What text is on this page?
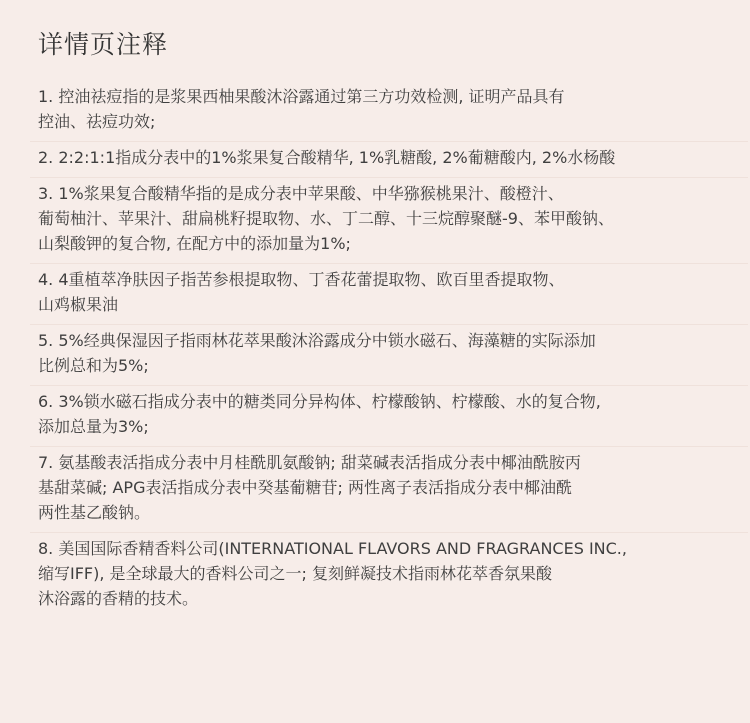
详情页注释
1. 控油祛痘指的是浆果西柚果酸沐浴露通过第三方功效检测, 证明产品具有
控油、祛痘功效;
2. 2:2:1:1指成分表中的1%浆果复合酸精华, 1%乳糖酸, 2%葡糖酸内, 2%水杨酸
3. 1%浆果复合酸精华指的是成分表中苹果酸、中华猕猴桃果汁、酸橙汁、
葡萄柚汁、苹果汁、甜扁桃籽提取物、水、丁二醇、十三烷醇聚醚-9、苯甲酸钠、
山梨酸钾的复合物, 在配方中的添加量为1%;
4. 4重植萃净肤因子指苦参根提取物、丁香花蕾提取物、欧百里香提取物、
山鸡椒果油
5. 5%经典保湿因子指雨林花萃果酸沐浴露成分中锁水磁石、海藻糖的实际添加
比例总和为5%;
6. 3%锁水磁石指成分表中的糖类同分异构体、柠檬酸钠、柠檬酸、水的复合物,
添加总量为3%;
7. 氨基酸表活指成分表中月桂酰肌氨酸钠; 甜菜碱表活指成分表中椰油酰胺丙
基甜菜碱; APG表活指成分表中癸基葡糖苷; 两性离子表活指成分表中椰油酰
两性基乙酸钠。
8. 美国国际香精香料公司(INTERNATIONAL FLAVORS AND FRAGRANCES INC.,
缩写IFF), 是全球最大的香料公司之一; 复刻鲜凝技术指雨林花萃香氛果酸
沐浴露的香精的技术。
